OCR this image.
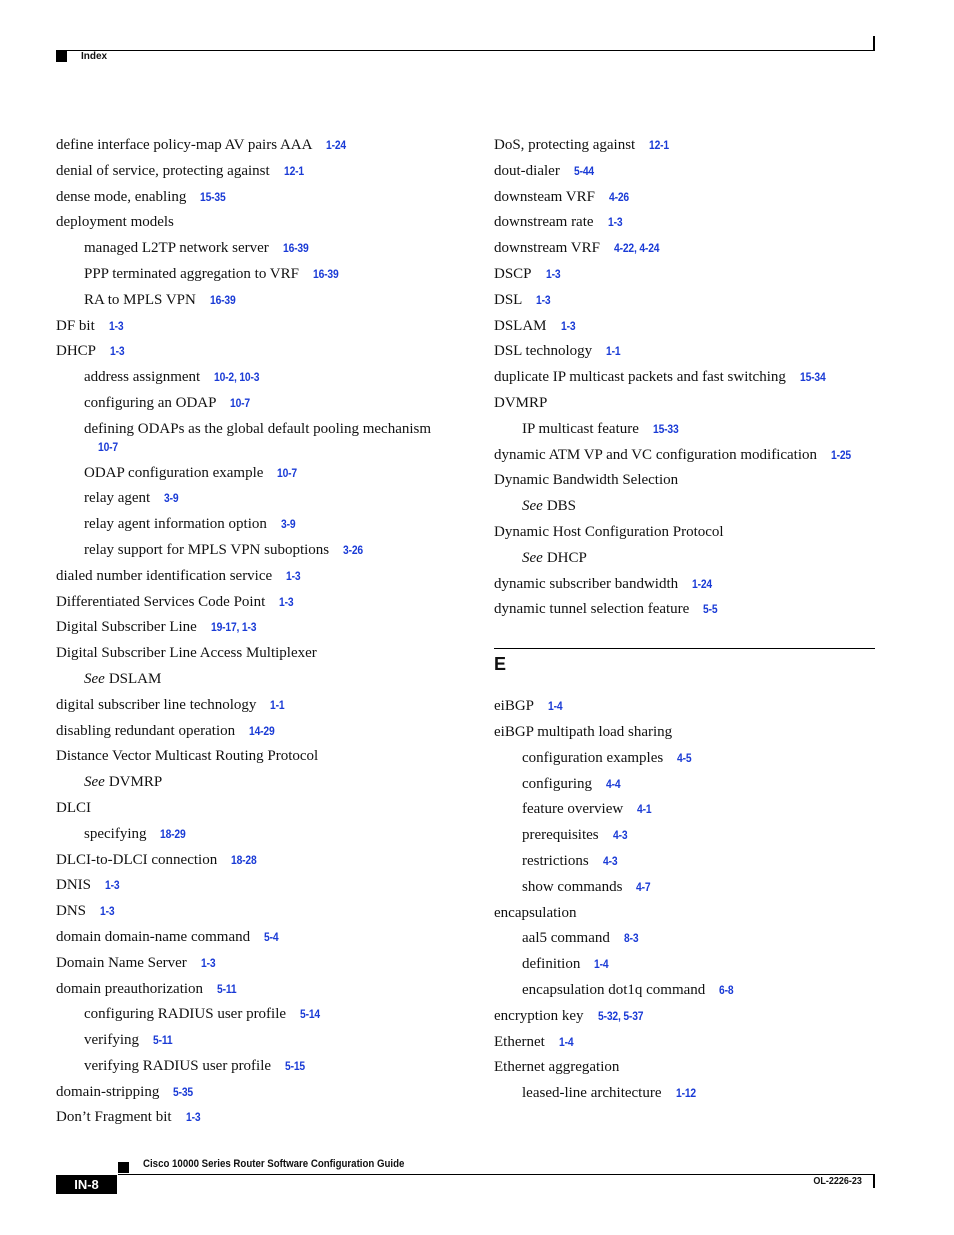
Index
define interface policy-map AV pairs AAA 1-24
denial of service, protecting against 12-1
dense mode, enabling 15-35
deployment models
managed L2TP network server 16-39
PPP terminated aggregation to VRF 16-39
RA to MPLS VPN 16-39
DF bit 1-3
DHCP 1-3
address assignment 10-2, 10-3
configuring an ODAP 10-7
defining ODAPs as the global default pooling mechanism10-7
ODAP configuration example 10-7
relay agent 3-9
relay agent information option 3-9
relay support for MPLS VPN suboptions 3-26
dialed number identification service 1-3
Differentiated Services Code Point 1-3
Digital Subscriber Line 19-17, 1-3
Digital Subscriber Line Access Multiplexer
See DSLAM
digital subscriber line technology 1-1
disabling redundant operation 14-29
Distance Vector Multicast Routing Protocol
See DVMRP
DLCI
specifying 18-29
DLCI-to-DLCI connection 18-28
DNIS 1-3
DNS 1-3
domain domain-name command 5-4
Domain Name Server 1-3
domain preauthorization 5-11
configuring RADIUS user profile 5-14
verifying 5-11
verifying RADIUS user profile 5-15
domain-stripping 5-35
Don’t Fragment bit 1-3
DoS, protecting against 12-1
dout-dialer 5-44
downsteam VRF 4-26
downstream rate 1-3
downstream VRF 4-22, 4-24
DSCP 1-3
DSL 1-3
DSLAM 1-3
DSL technology 1-1
duplicate IP multicast packets and fast switching 15-34
DVMRP
IP multicast feature 15-33
dynamic ATM VP and VC configuration modification 1-25
Dynamic Bandwidth Selection
See DBS
Dynamic Host Configuration Protocol
See DHCP
dynamic subscriber bandwidth 1-24
dynamic tunnel selection feature 5-5
E
eiBGP 1-4
eiBGP multipath load sharing
configuration examples 4-5
configuring 4-4
feature overview 4-1
prerequisites 4-3
restrictions 4-3
show commands 4-7
encapsulation
aal5 command 8-3
definition 1-4
encapsulation dot1q command 6-8
encryption key 5-32, 5-37
Ethernet 1-4
Ethernet aggregation
leased-line architecture 1-12
Cisco 10000 Series Router Software Configuration Guide
IN-8	OL-2226-23
